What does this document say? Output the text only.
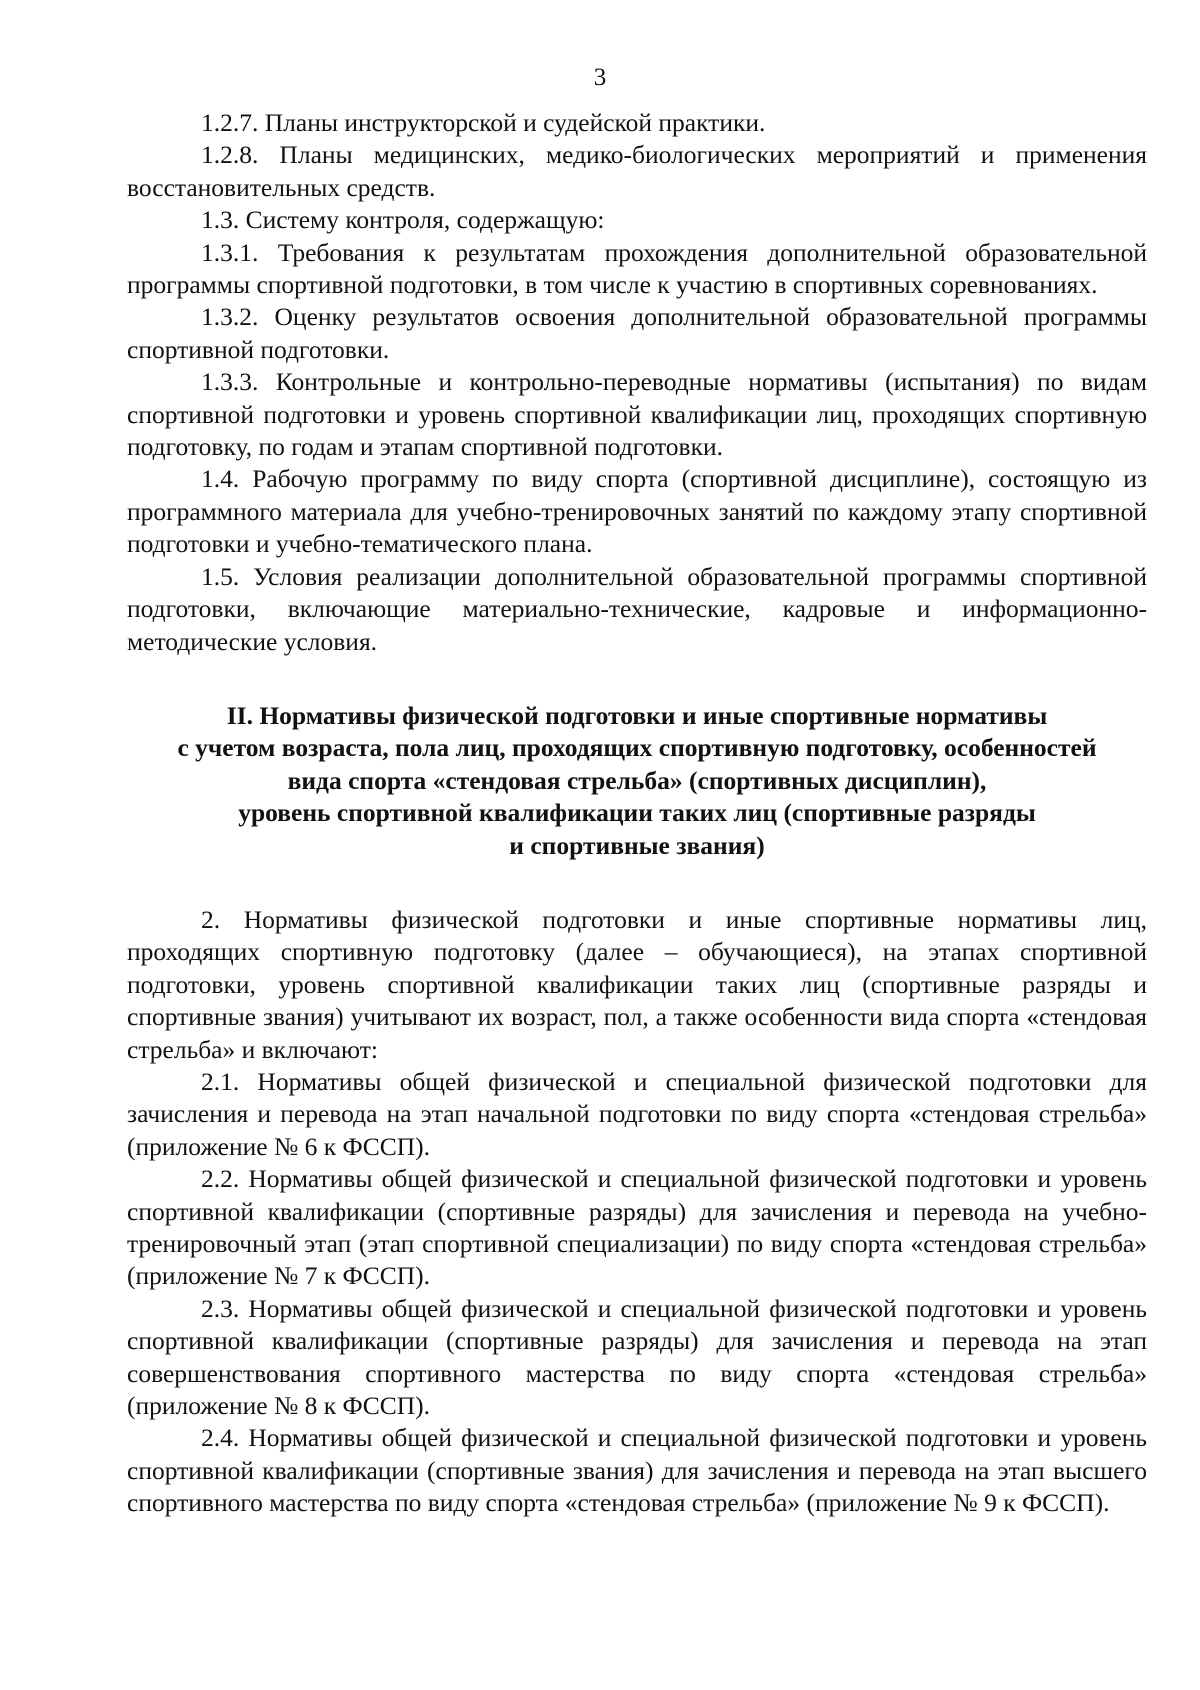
3

1.2.7. Планы инструкторской и судейской практики.

1.2.8. Планы медицинских, медико-биологических мероприятий и применения восстановительных средств.

1.3. Систему контроля, содержащую:

1.3.1. Требования к результатам прохождения дополнительной образовательной программы спортивной подготовки, в том числе к участию в спортивных соревнованиях.

1.3.2. Оценку результатов освоения дополнительной образовательной программы спортивной подготовки.

1.3.3. Контрольные и контрольно-переводные нормативы (испытания) по видам спортивной подготовки и уровень спортивной квалификации лиц, проходящих спортивную подготовку, по годам и этапам спортивной подготовки.

1.4. Рабочую программу по виду спорта (спортивной дисциплине), состоящую из программного материала для учебно-тренировочных занятий по каждому этапу спортивной подготовки и учебно-тематического плана.

1.5. Условия реализации дополнительной образовательной программы спортивной подготовки, включающие материально-технические, кадровые и информационно-методические условия.

II. Нормативы физической подготовки и иные спортивные нормативы
с учетом возраста, пола лиц, проходящих спортивную подготовку, особенностей
вида спорта «стендовая стрельба» (спортивных дисциплин),
уровень спортивной квалификации таких лиц (спортивные разряды
и спортивные звания)

2. Нормативы физической подготовки и иные спортивные нормативы лиц, проходящих спортивную подготовку (далее – обучающиеся), на этапах спортивной подготовки, уровень спортивной квалификации таких лиц (спортивные разряды и спортивные звания) учитывают их возраст, пол, а также особенности вида спорта «стендовая стрельба» и включают:

2.1. Нормативы общей физической и специальной физической подготовки для зачисления и перевода на этап начальной подготовки по виду спорта «стендовая стрельба» (приложение № 6 к ФССП).

2.2. Нормативы общей физической и специальной физической подготовки и уровень спортивной квалификации (спортивные разряды) для зачисления и перевода на учебно-тренировочный этап (этап спортивной специализации) по виду спорта «стендовая стрельба» (приложение № 7 к ФССП).

2.3. Нормативы общей физической и специальной физической подготовки и уровень спортивной квалификации (спортивные разряды) для зачисления и перевода на этап совершенствования спортивного мастерства по виду спорта «стендовая стрельба» (приложение № 8 к ФССП).

2.4. Нормативы общей физической и специальной физической подготовки и уровень спортивной квалификации (спортивные звания) для зачисления и перевода на этап высшего спортивного мастерства по виду спорта «стендовая стрельба» (приложение № 9 к ФССП).
